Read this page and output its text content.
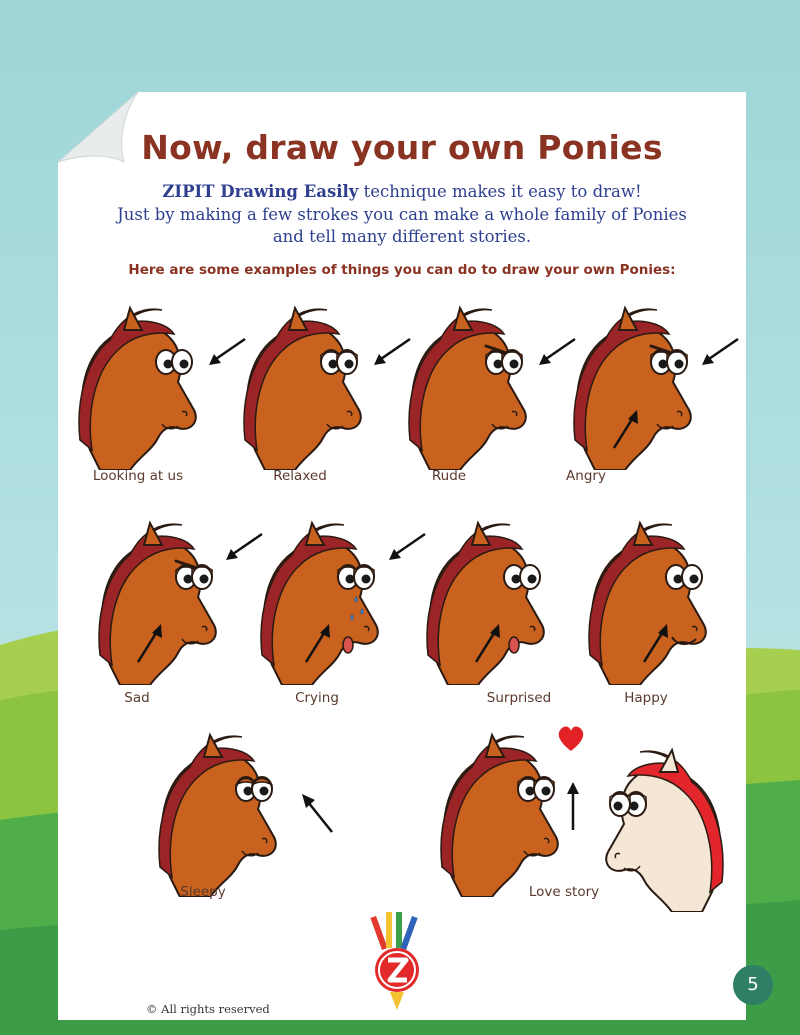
Now, draw your own Ponies
ZIPIT Drawing Easily technique makes it easy to draw!
Just by making a few strokes you can make a whole family of Ponies
and tell many different stories.
Here are some examples of things you can do to draw your own Ponies:
Looking at us	Relaxed	Rude	Angry
Sad	Crying	Surprised	Happy
Sleepy	Love story
5
© All rights reserved
